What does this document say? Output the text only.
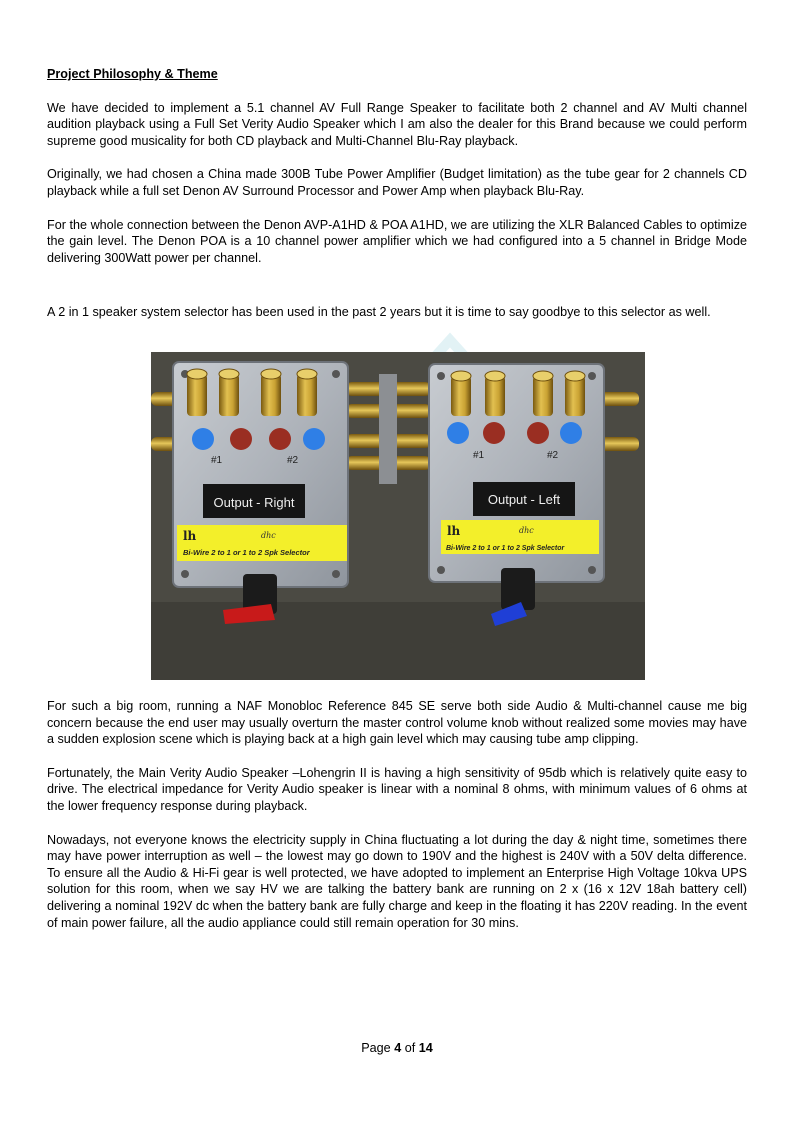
Project Philosophy & Theme

We have decided to implement a 5.1 channel AV Full Range Speaker to facilitate both 2 channel and AV Multi channel audition playback using a Full Set Verity Audio Speaker which I am also the dealer for this Brand because we could perform supreme good musicality for both CD playback and Multi-Channel Blu-Ray playback.

Originally, we had chosen a China made 300B Tube Power Amplifier (Budget limitation) as the tube gear for 2 channels CD playback while a full set Denon AV Surround Processor and Power Amp when playback Blu-Ray.

For the whole connection between the Denon AVP-A1HD & POA A1HD, we are utilizing the XLR Balanced Cables to optimize the gain level. The Denon POA is a 10 channel power amplifier which we had configured into a 5 channel in Bridge Mode delivering 300Watt power per channel.

A 2 in 1 speaker system selector has been used in the past 2 years but it is time to say goodbye to this selector as well.

#1	#2
Output - Right
lh	dhc
Bi-Wire 2 to 1 or 1 to 2 Spk Selector
#1	#2
Output - Left
lh	dhc
Bi-Wire 2 to 1 or 1 to 2 Spk Selector

For such a big room, running a NAF Monobloc Reference 845 SE serve both side Audio & Multi-channel cause me big concern because the end user may usually overturn the master control volume knob without realized some movies may have a sudden explosion scene which is playing back at a high gain level which may causing tube amp clipping.

Fortunately, the Main Verity Audio Speaker –Lohengrin II is having a high sensitivity of 95db which is relatively quite easy to drive. The electrical impedance for Verity Audio speaker is linear with a nominal 8 ohms, with minimum values of 6 ohms at the lower frequency response during playback.

Nowadays, not everyone knows the electricity supply in China fluctuating a lot during the day & night time, sometimes there may have power interruption as well – the lowest may go down to 190V and the highest is 240V with a 50V delta difference. To ensure all the Audio & Hi-Fi gear is well protected, we have adopted to implement an Enterprise High Voltage 10kva UPS solution for this room, when we say HV we are talking the battery bank are running on 2 x (16 x 12V 18ah battery cell) delivering a nominal 192V dc when the battery bank are fully charge and keep in the floating it has 220V reading. In the event of main power failure, all the audio appliance could still remain operation for 30 mins.

Page 4 of 14
